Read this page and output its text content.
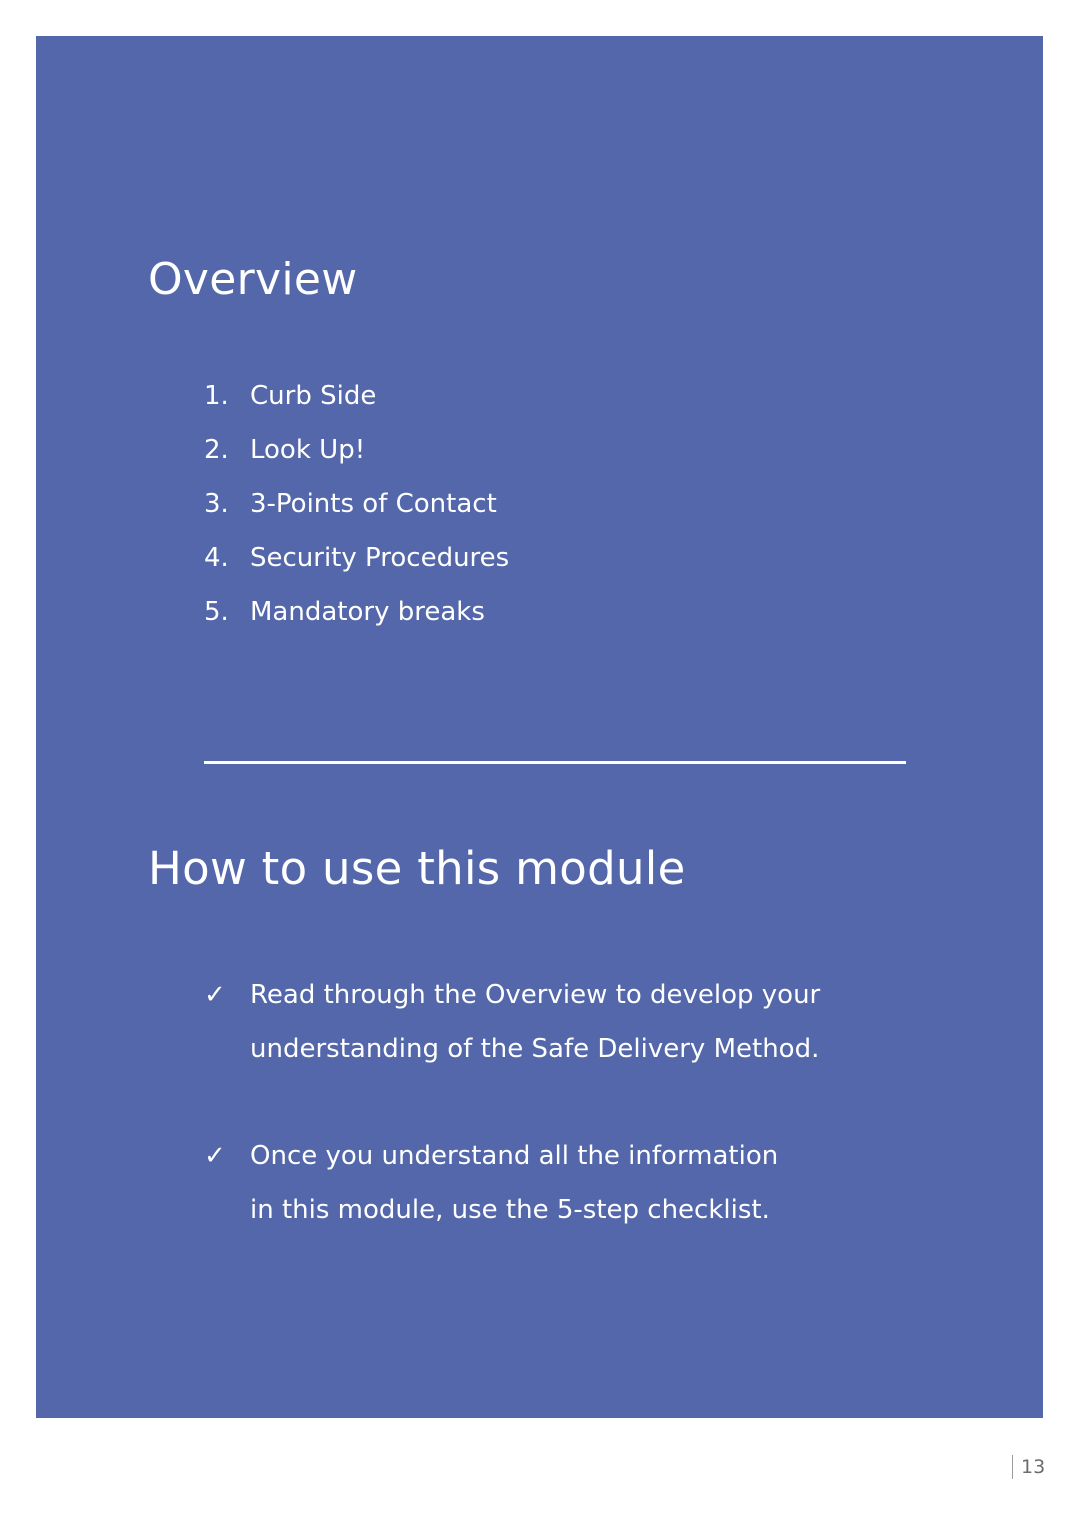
Overview
1. Curb Side
2. Look Up!
3. 3-Points of Contact
4. Security Procedures
5. Mandatory breaks
How to use this module
✓ Read through the Overview to develop your
understanding of the Safe Delivery Method.
✓ Once you understand all the information
in this module, use the 5-step checklist.
13
